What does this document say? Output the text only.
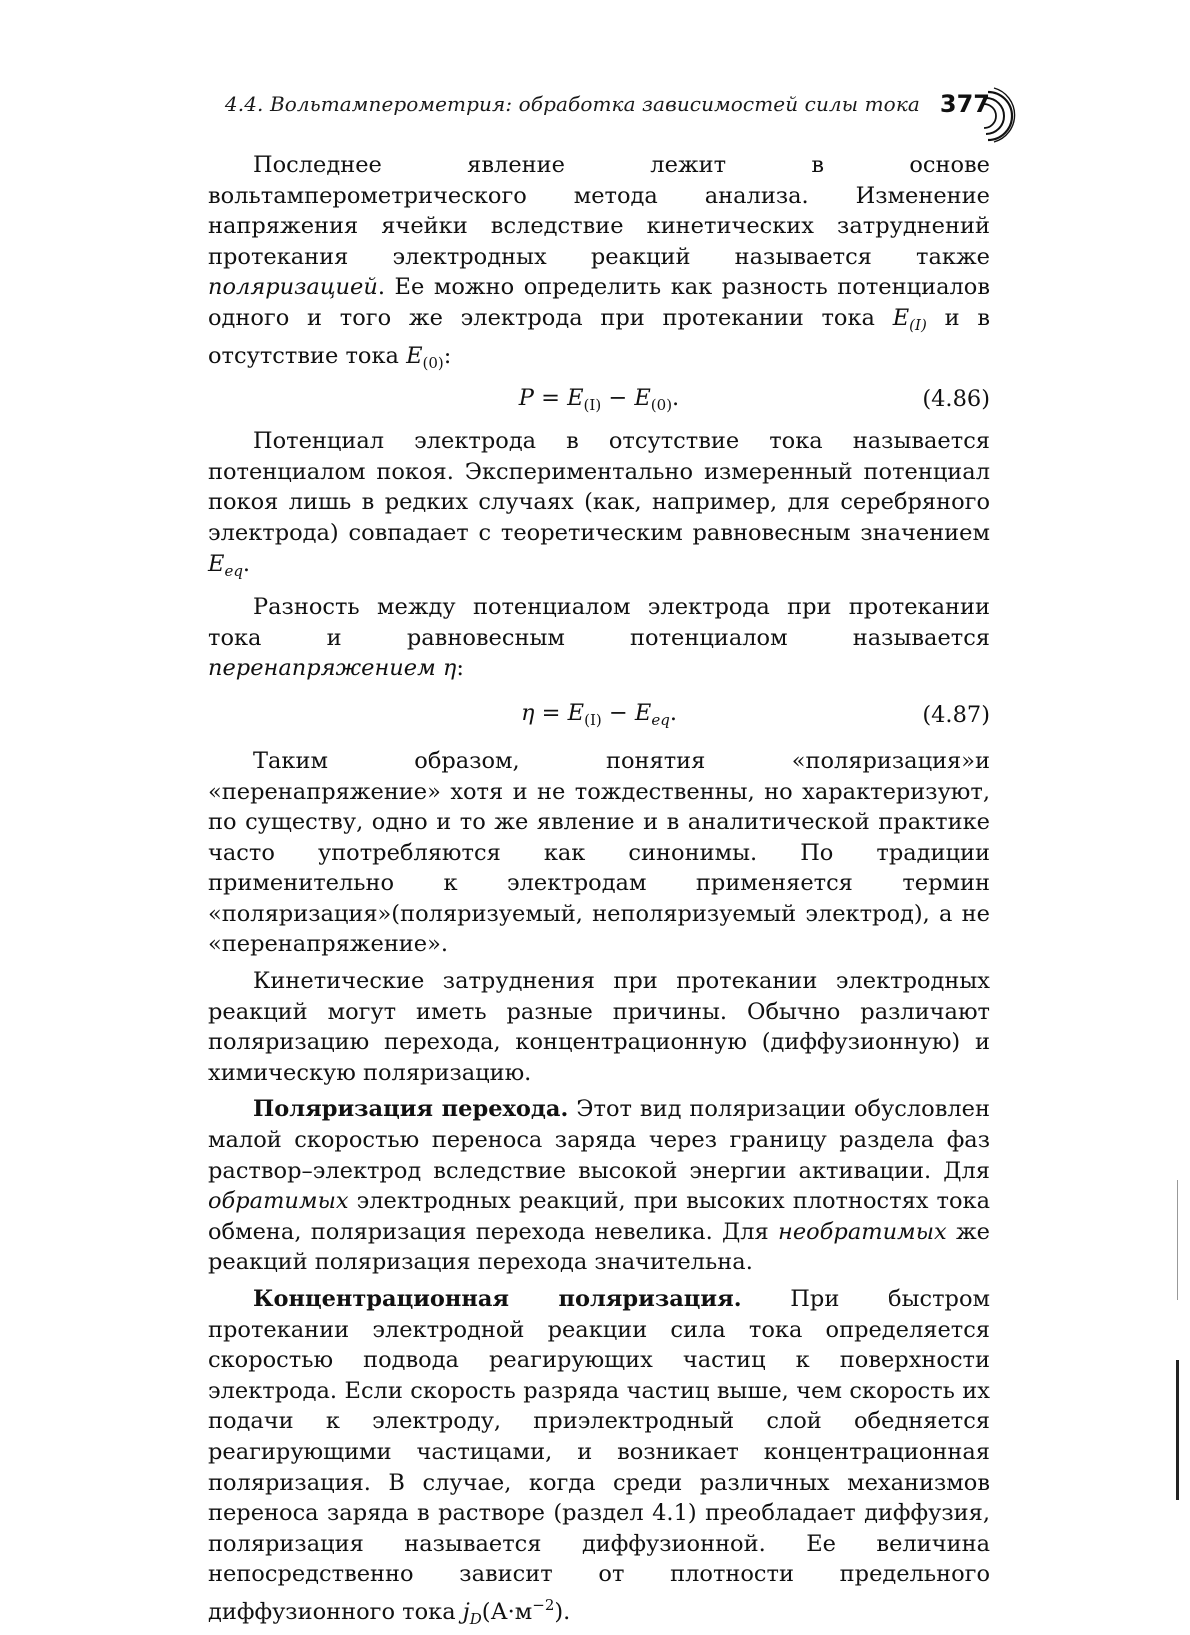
4.4. Вольтамперометрия: обработка зависимостей силы тока 377

Последнее явление лежит в основе вольтамперометрического метода анализа. Изменение напряжения ячейки вследствие кинетических затруднений протекания электродных реакций называется также поляризацией. Ее можно определить как разность потенциалов одного и того же электрода при протекании тока $E_{(I)}$ и в отсутствие тока $E_{(0)}$:

$P = E_{(I)} - E_{(0)}$.	(4.86)

Потенциал электрода в отсутствие тока называется потенциалом покоя. Экспериментально измеренный потенциал покоя лишь в редких случаях (как, например, для серебряного электрода) совпадает с теоретическим равновесным значением $E_{eq}$.

Разность между потенциалом электрода при протекании тока и равновесным потенциалом называется перенапряжением η:

$\eta = E_{(I)} - E_{eq}$.	(4.87)

Таким образом, понятия «поляризация»и «перенапряжение» хотя и не тождественны, но характеризуют, по существу, одно и то же явление и в аналитической практике часто употребляются как синонимы. По традиции применительно к электродам применяется термин «поляризация»(поляризуемый, неполяризуемый электрод), а не «перенапряжение».

Кинетические затруднения при протекании электродных реакций могут иметь разные причины. Обычно различают поляризацию перехода, концентрационную (диффузионную) и химическую поляризацию.

Поляризация перехода. Этот вид поляризации обусловлен малой скоростью переноса заряда через границу раздела фаз раствор–электрод вследствие высокой энергии активации. Для обратимых электродных реакций, при высоких плотностях тока обмена, поляризация перехода невелика. Для необратимых же реакций поляризация перехода значительна.

Концентрационная поляризация. При быстром протекании электродной реакции сила тока определяется скоростью подвода реагирующих частиц к поверхности электрода. Если скорость разряда частиц выше, чем скорость их подачи к электроду, приэлектродный слой обедняется реагирующими частицами, и возникает концентрационная поляризация. В случае, когда среди различных механизмов переноса заряда в растворе (раздел 4.1) преобладает диффузия, поляризация называется диффузионной. Ее величина непосредственно зависит от плотности предельного диффузионного тока $j_D(А\cdot м^{-2})$.
